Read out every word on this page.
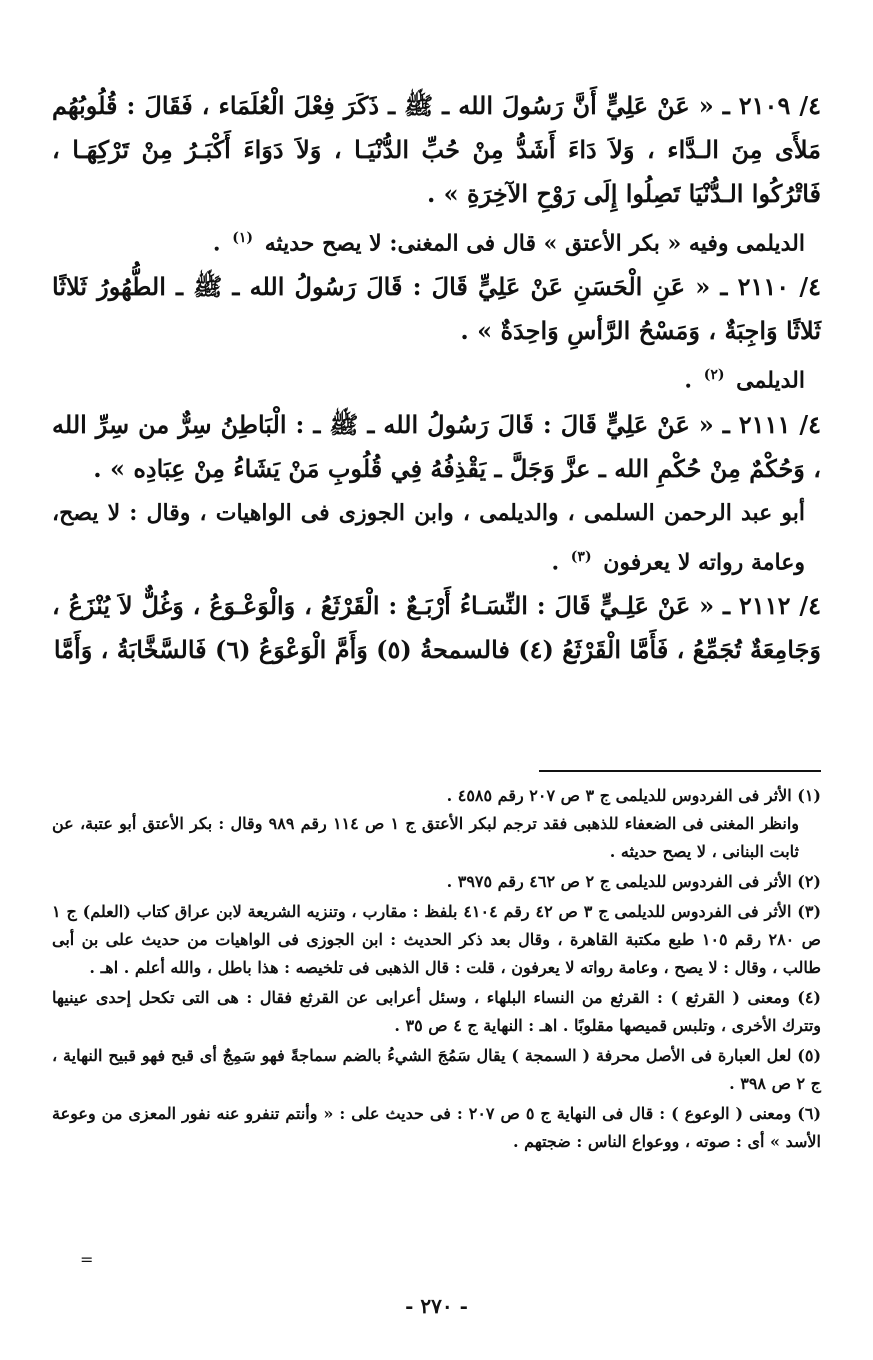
٤/ ٢١٠٩ ـ « عَنْ عَلِيٍّ أَنَّ رَسُولَ الله ـ ﷺ ـ ذَكَرَ فِعْلَ الْعُلَمَاء ، فَقَالَ : قُلُوبُهُم مَلأَى مِنَ الـدَّاء ، وَلاَ دَاءَ أَشَدُّ مِنْ حُبِّ الدُّنْيَـا ، وَلاَ دَوَاءَ أَكْبَـرُ مِنْ تَرْكِهَـا ، فَاتْرُكُوا الـدُّنْيَا تَصِلُوا إِلَى رَوْحِ الآخِرَةِ » .

الديلمى وفيه « بكر الأعتق » قال فى المغنى: لا يصح حديثه $^{(١)}$ .

٤/ ٢١١٠ ـ « عَنِ الْحَسَنِ عَنْ عَلِيٍّ قَالَ : قَالَ رَسُولُ الله ـ ﷺ ـ الطُّهُورُ ثَلاثًا ثَلاثًا وَاجِبَةٌ ، وَمَسْحُ الرَّأسِ وَاحِدَةٌ » .

الديلمى $^{(٢)}$ .

٤/ ٢١١١ ـ « عَنْ عَلِيٍّ قَالَ : قَالَ رَسُولُ الله ـ ﷺ ـ : الْبَاطِنُ سِرٌّ من سِرِّ الله ، وَحُكْمٌ مِنْ حُكْمِ الله ـ عزَّ وَجَلَّ ـ يَقْذِفُهُ فِي قُلُوبِ مَنْ يَشَاءُ مِنْ عِبَادِه » .

أبو عبد الرحمن السلمى ، والديلمى ، وابن الجوزى فى الواهيات ، وقال : لا يصح، وعامة رواته لا يعرفون $^{(٣)}$ .

٤/ ٢١١٢ ـ « عَنْ عَلِـيٍّ قَالَ : النِّسَـاءُ أَرْبَـعٌ : الْقَرْثَعُ ، وَالْوَعْـوَعُ ، وَغُلٌّ لاَ يُنْزَعُ ، وَجَامِعَةٌ تُجَمِّعُ ، فَأَمَّا الْقَرْثَعُ (٤) فالسمحةُ (٥) وَأَمَّ الْوَعْوَعُ (٦) فَالسَّخَّابَةُ ، وَأَمَّا

(١) الأثر فى الفردوس للديلمى ج ٣ ص ٢٠٧ رقم ٤٥٨٥ .
وانظر المغنى فى الضعفاء للذهبى فقد ترجم لبكر الأعتق ج ١ ص ١١٤ رقم ٩٨٩ وقال : بكر الأعتق أبو عتبة، عن ثابت البنانى ، لا يصح حديثه .
(٢) الأثر فى الفردوس للديلمى ج ٢ ص ٤٦٢ رقم ٣٩٧٥ .
(٣) الأثر فى الفردوس للديلمى ج ٣ ص ٤٢ رقم ٤١٠٤ بلفظ : مقارب ، وتنزيه الشريعة لابن عراق كتاب (العلم) ج ١ ص ٢٨٠ رقم ١٠٥ طبع مكتبة القاهرة ، وقال بعد ذكر الحديث : ابن الجوزى فى الواهيات من حديث على بن أبى طالب ، وقال : لا يصح ، وعامة رواته لا يعرفون ، قلت : قال الذهبى فى تلخيصه : هذا باطل ، والله أعلم . اهـ .
(٤) ومعنى ( القرثع ) : القرثع من النساء البلهاء ، وسئل أعرابى عن القرثع فقال : هى التى تكحل إحدى عينيها وتترك الأخرى ، وتلبس قميصها مقلوبًا . اهـ : النهاية ج ٤ ص ٣٥ .
(٥) لعل العبارة فى الأصل محرفة ( السمجة ) يقال سَمُجَ الشيءُ بالضم سماجةً فهو سَمِجٌ أى قبح فهو قبيح النهاية ، ج ٢ ص ٣٩٨ .
(٦) ومعنى ( الوعوع ) : قال فى النهاية ج ٥ ص ٢٠٧ : فى حديث على : « وأنتم تنفرو عنه نفور المعزى من وعوعة الأسد » أى : صوته ، ووعواع الناس : ضجتهم .
=
- ٢٧٠ -
